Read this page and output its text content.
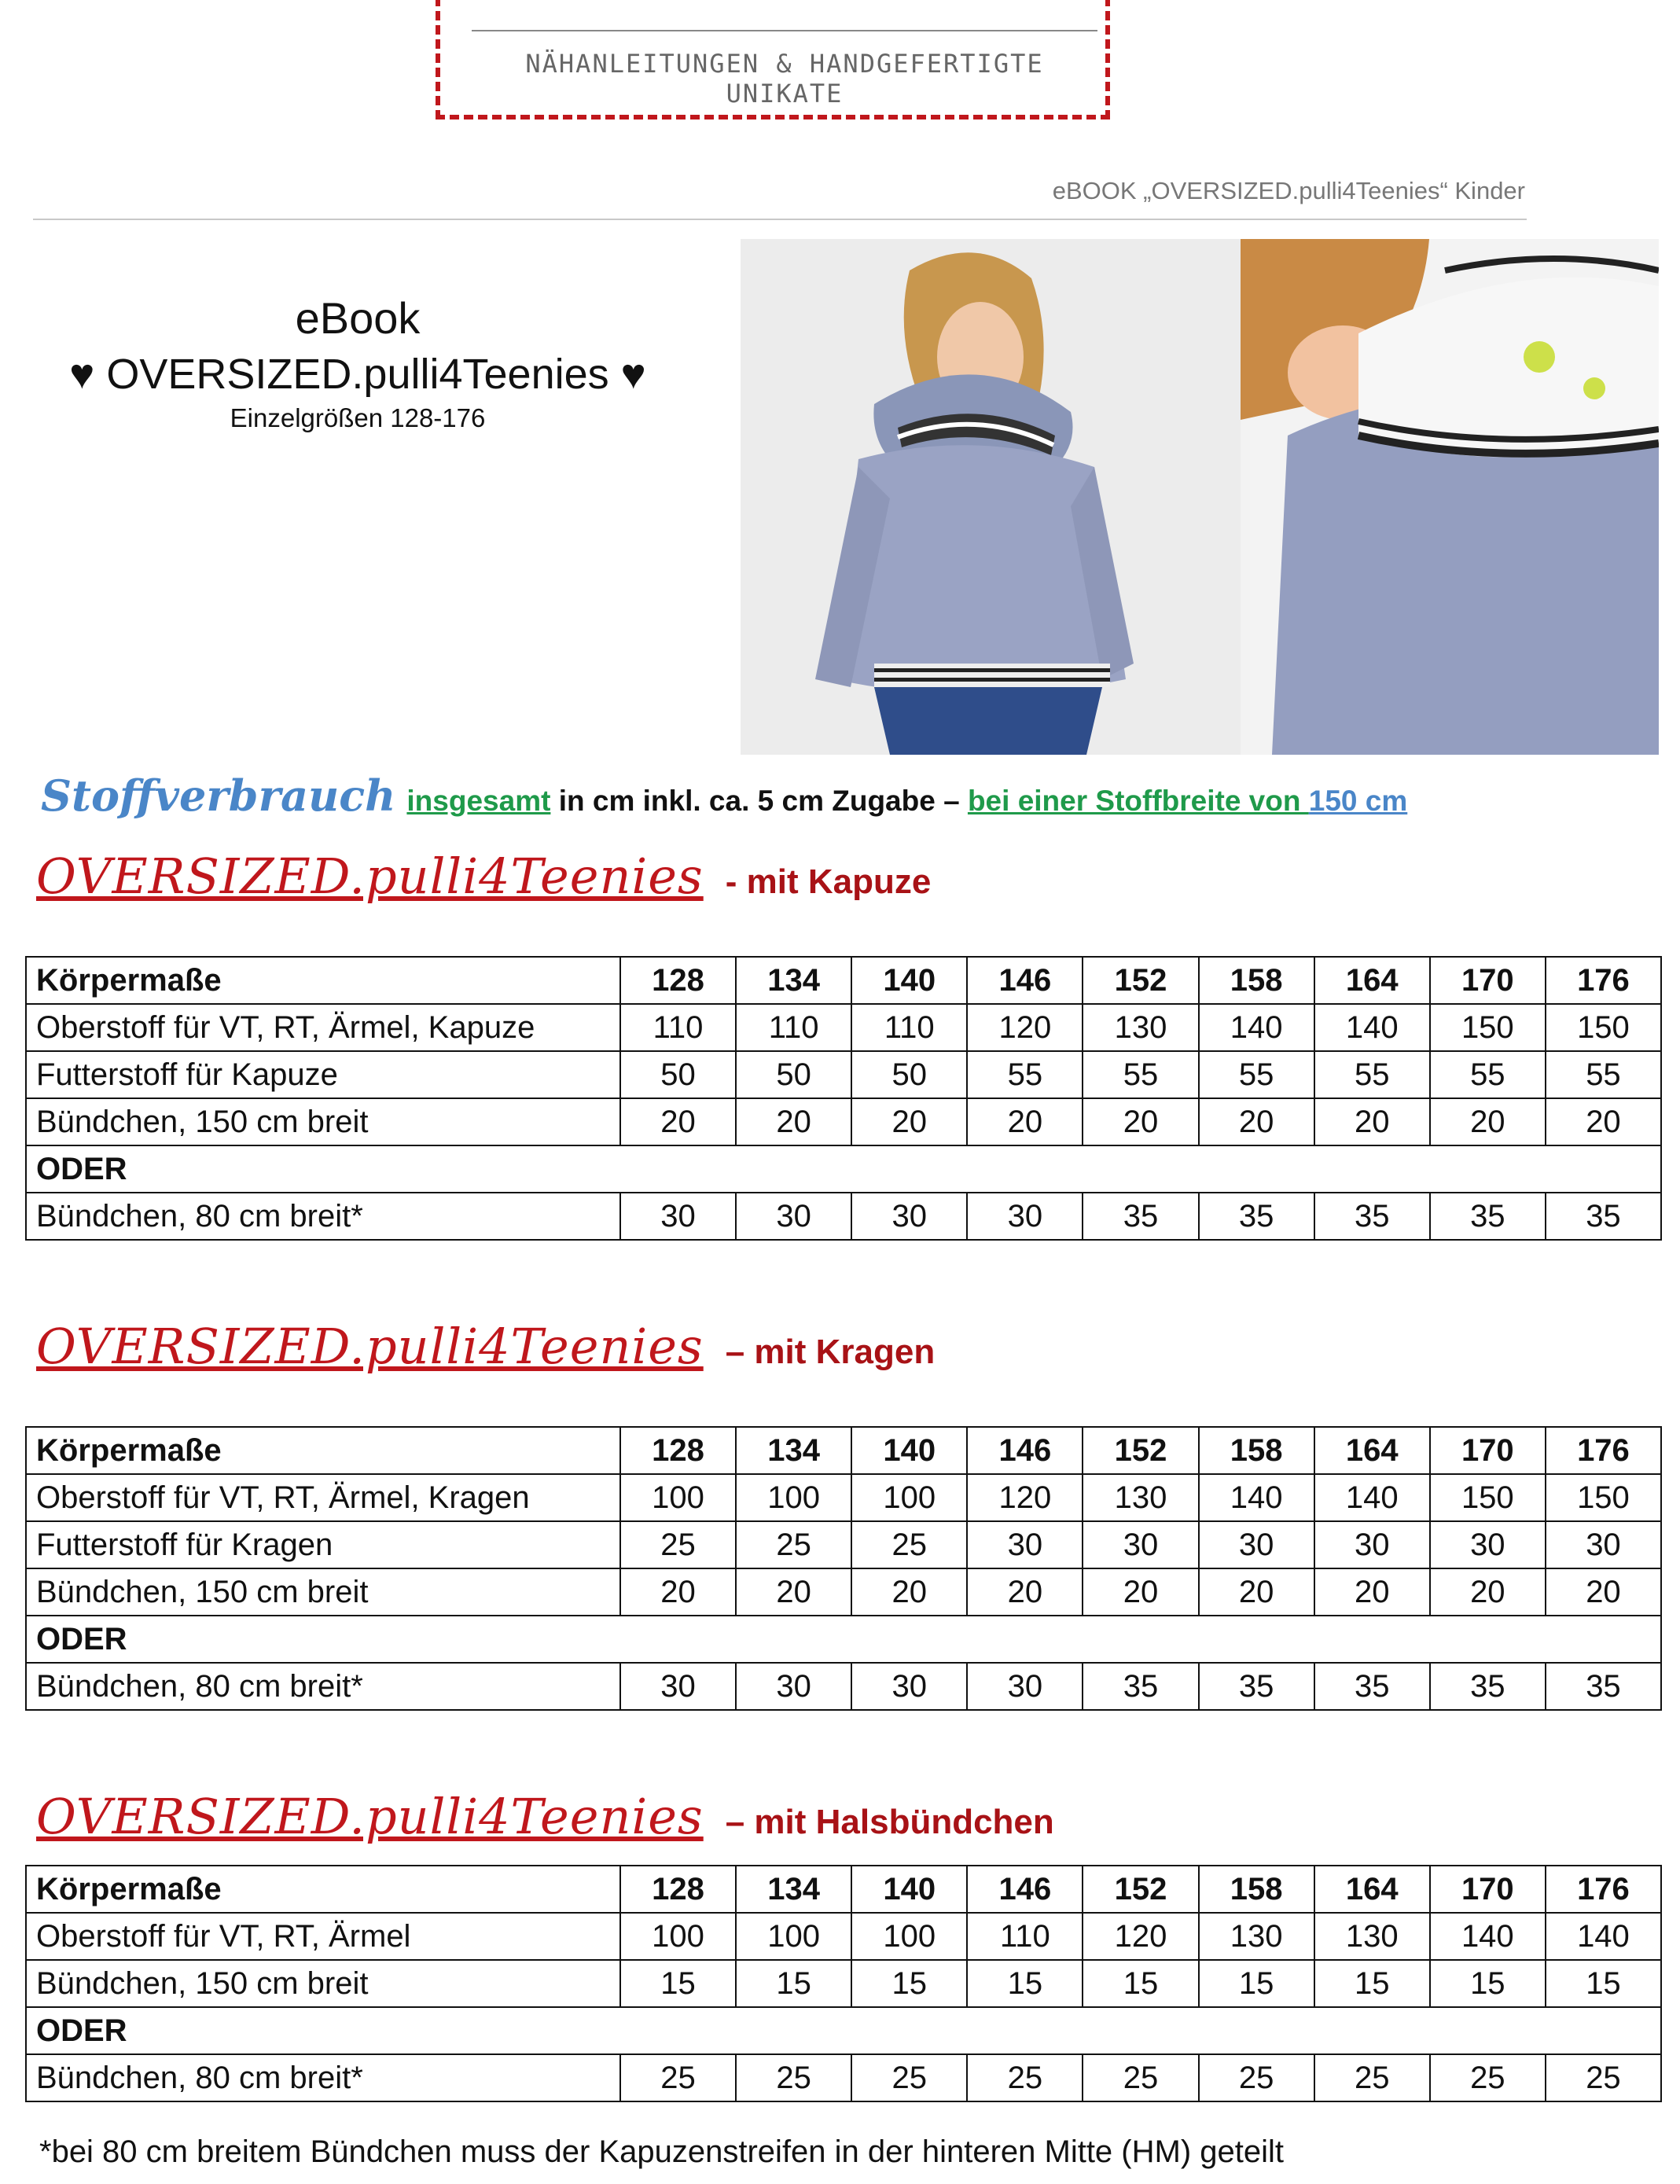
NÄHANLEITUNGEN & HANDGEFERTIGTE UNIKATE
eBOOK „OVERSIZED.pulli4Teenies“ Kinder
eBook
♥ OVERSIZED.pulli4Teenies ♥
Einzelgrößen 128-176
Stoffverbrauch insgesamt in cm inkl. ca. 5 cm Zugabe – bei einer Stoffbreite von 150 cm
OVERSIZED.pulli4Teenies - mit Kapuze
Körpermaße	128	134	140	146	152	158	164	170	176
Oberstoff für VT, RT, Ärmel, Kapuze	110	110	110	120	130	140	140	150	150
Futterstoff für Kapuze	50	50	50	55	55	55	55	55	55
Bündchen, 150 cm breit	20	20	20	20	20	20	20	20	20
ODER									
Bündchen, 80 cm breit*	30	30	30	30	35	35	35	35	35
OVERSIZED.pulli4Teenies – mit Kragen
Körpermaße	128	134	140	146	152	158	164	170	176
Oberstoff für VT, RT, Ärmel, Kragen	100	100	100	120	130	140	140	150	150
Futterstoff für Kragen	25	25	25	30	30	30	30	30	30
Bündchen, 150 cm breit	20	20	20	20	20	20	20	20	20
ODER									
Bündchen, 80 cm breit*	30	30	30	30	35	35	35	35	35
OVERSIZED.pulli4Teenies – mit Halsbündchen
Körpermaße	128	134	140	146	152	158	164	170	176
Oberstoff für VT, RT, Ärmel	100	100	100	110	120	130	130	140	140
Bündchen, 150 cm breit	15	15	15	15	15	15	15	15	15
ODER									
Bündchen, 80 cm breit*	25	25	25	25	25	25	25	25	25
*bei 80 cm breitem Bündchen muss der Kapuzenstreifen in der hinteren Mitte (HM) geteilt
